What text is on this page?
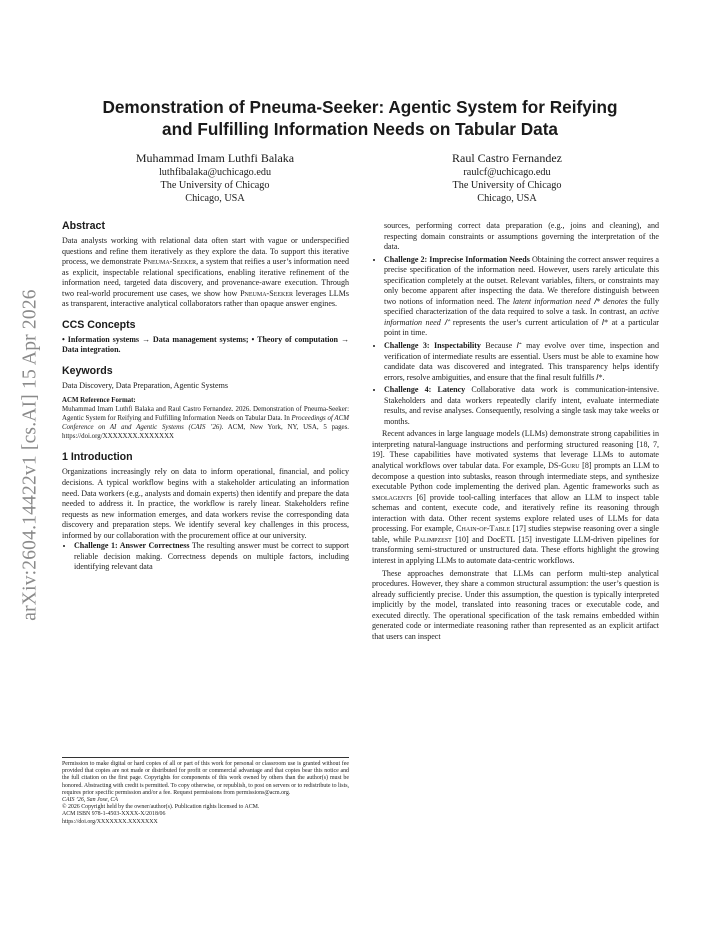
arXiv:2604.14422v1 [cs.AI] 15 Apr 2026
Demonstration of Pneuma-Seeker: Agentic System for Reifying
and Fulfilling Information Needs on Tabular Data
Muhammad Imam Luthfi Balaka
luthfibalaka@uchicago.edu
The University of Chicago
Chicago, USA
Raul Castro Fernandez
raulcf@uchicago.edu
The University of Chicago
Chicago, USA
Abstract

Data analysts working with relational data often start with vague or underspecified questions and refine them iteratively as they explore the data. To support this iterative process, we demonstrate Pneuma-Seeker, a system that reifies a user’s information need as explicit, inspectable relational specifications, enabling iterative refinement of the information need, targeted data discovery, and provenance-aware execution. Through two real-world procurement use cases, we show how Pneuma-Seeker leverages LLMs as transparent, interactive analytical collaborators rather than opaque answer engines.

CCS Concepts

• Information systems → Data management systems; • Theory of computation → Data integration.

Keywords

Data Discovery, Data Preparation, Agentic Systems

ACM Reference Format:
Muhammad Imam Luthfi Balaka and Raul Castro Fernandez. 2026. Demonstration of Pneuma-Seeker: Agentic System for Reifying and Fulfilling Information Needs on Tabular Data. In Proceedings of ACM Conference on AI and Agentic Systems (CAIS ’26). ACM, New York, NY, USA, 5 pages. https://doi.org/XXXXXXX.XXXXXXX
1 Introduction

Organizations increasingly rely on data to inform operational, financial, and policy decisions. A typical workflow begins with a stakeholder articulating an information need. Data workers (e.g., analysts and domain experts) then identify and prepare the data needed to address it. In practice, the workflow is rarely linear. Stakeholders refine requests as new information emerges, and data workers revise the corresponding data discovery and preparation steps. We identify several key challenges in this process, informed by our collaboration with the procurement office at our university.

• Challenge 1: Answer Correctness The resulting answer must be correct to support reliable decision making. Correctness depends on multiple factors, including identifying relevant data
Permission to make digital or hard copies of all or part of this work for personal or classroom use is granted without fee provided that copies are not made or distributed for profit or commercial advantage and that copies bear this notice and the full citation on the first page. Copyrights for components of this work owned by others than the author(s) must be honored. Abstracting with credit is permitted. To copy otherwise, or republish, to post on servers or to redistribute to lists, requires prior specific permission and/or a fee. Request permissions from permissions@acm.org.
CAIS ’26, San Jose, CA
© 2026 Copyright held by the owner/author(s). Publication rights licensed to ACM.
ACM ISBN 978-1-4503-XXXX-X/2018/06
https://doi.org/XXXXXXX.XXXXXXX

sources, performing correct data preparation (e.g., joins and cleaning), and respecting domain constraints or assumptions governing the interpretation of the data.

• Challenge 2: Imprecise Information Needs Obtaining the correct answer requires a precise specification of the information need. However, users rarely articulate this specification completely at the outset. Relevant variables, filters, or constraints may only become apparent after inspecting the data. We therefore distinguish between two notions of information need. The latent information need 𝐼* denotes the fully specified characterization of the data required to solve a task. In contrast, an active information need 𝐼⁺ represents the user’s current articulation of 𝐼* at a particular point in time.
• Challenge 3: Inspectability Because 𝐼⁺ may evolve over time, inspection and verification of intermediate results are essential. Users must be able to examine how candidate data was discovered and integrated. This transparency helps identify errors, resolve ambiguities, and ensure that the final result fulfills 𝐼*.
• Challenge 4: Latency Collaborative data work is communication-intensive. Stakeholders and data workers repeatedly clarify intent, evaluate intermediate results, and revise analyses. Consequently, resolving a single task may take weeks or months.

Recent advances in large language models (LLMs) demonstrate strong capabilities in interpreting natural-language instructions and performing structured reasoning [18, 7, 19]. These capabilities have motivated systems that leverage LLMs to automate analytical workflows over tabular data. For example, DS-Guru [8] prompts an LLM to decompose a question into subtasks, reason through intermediate steps, and synthesize executable Python code implementing the derived plan. Agentic frameworks such as smolagents [6] provide tool-calling interfaces that allow an LLM to inspect table schemas and content, execute code, and iteratively refine its reasoning through interaction with data. Other recent systems explore related uses of LLMs for data processing. For example, Chain-of-Table [17] studies stepwise reasoning over a single table, while Palimpzest [10] and DocETL [15] investigate LLM-driven pipelines for transforming semi-structured or unstructured data. These efforts highlight the growing interest in applying LLMs to automate data-centric workflows.

These approaches demonstrate that LLMs can perform multi-step analytical procedures. However, they share a common structural assumption: the user’s question is already sufficiently precise. Under this assumption, the question is typically interpreted implicitly by the model, translated into reasoning traces or executable code, and executed directly. The operational specification of the task remains embedded within generated code or intermediate reasoning rather than represented as an explicit artifact that users can inspect
